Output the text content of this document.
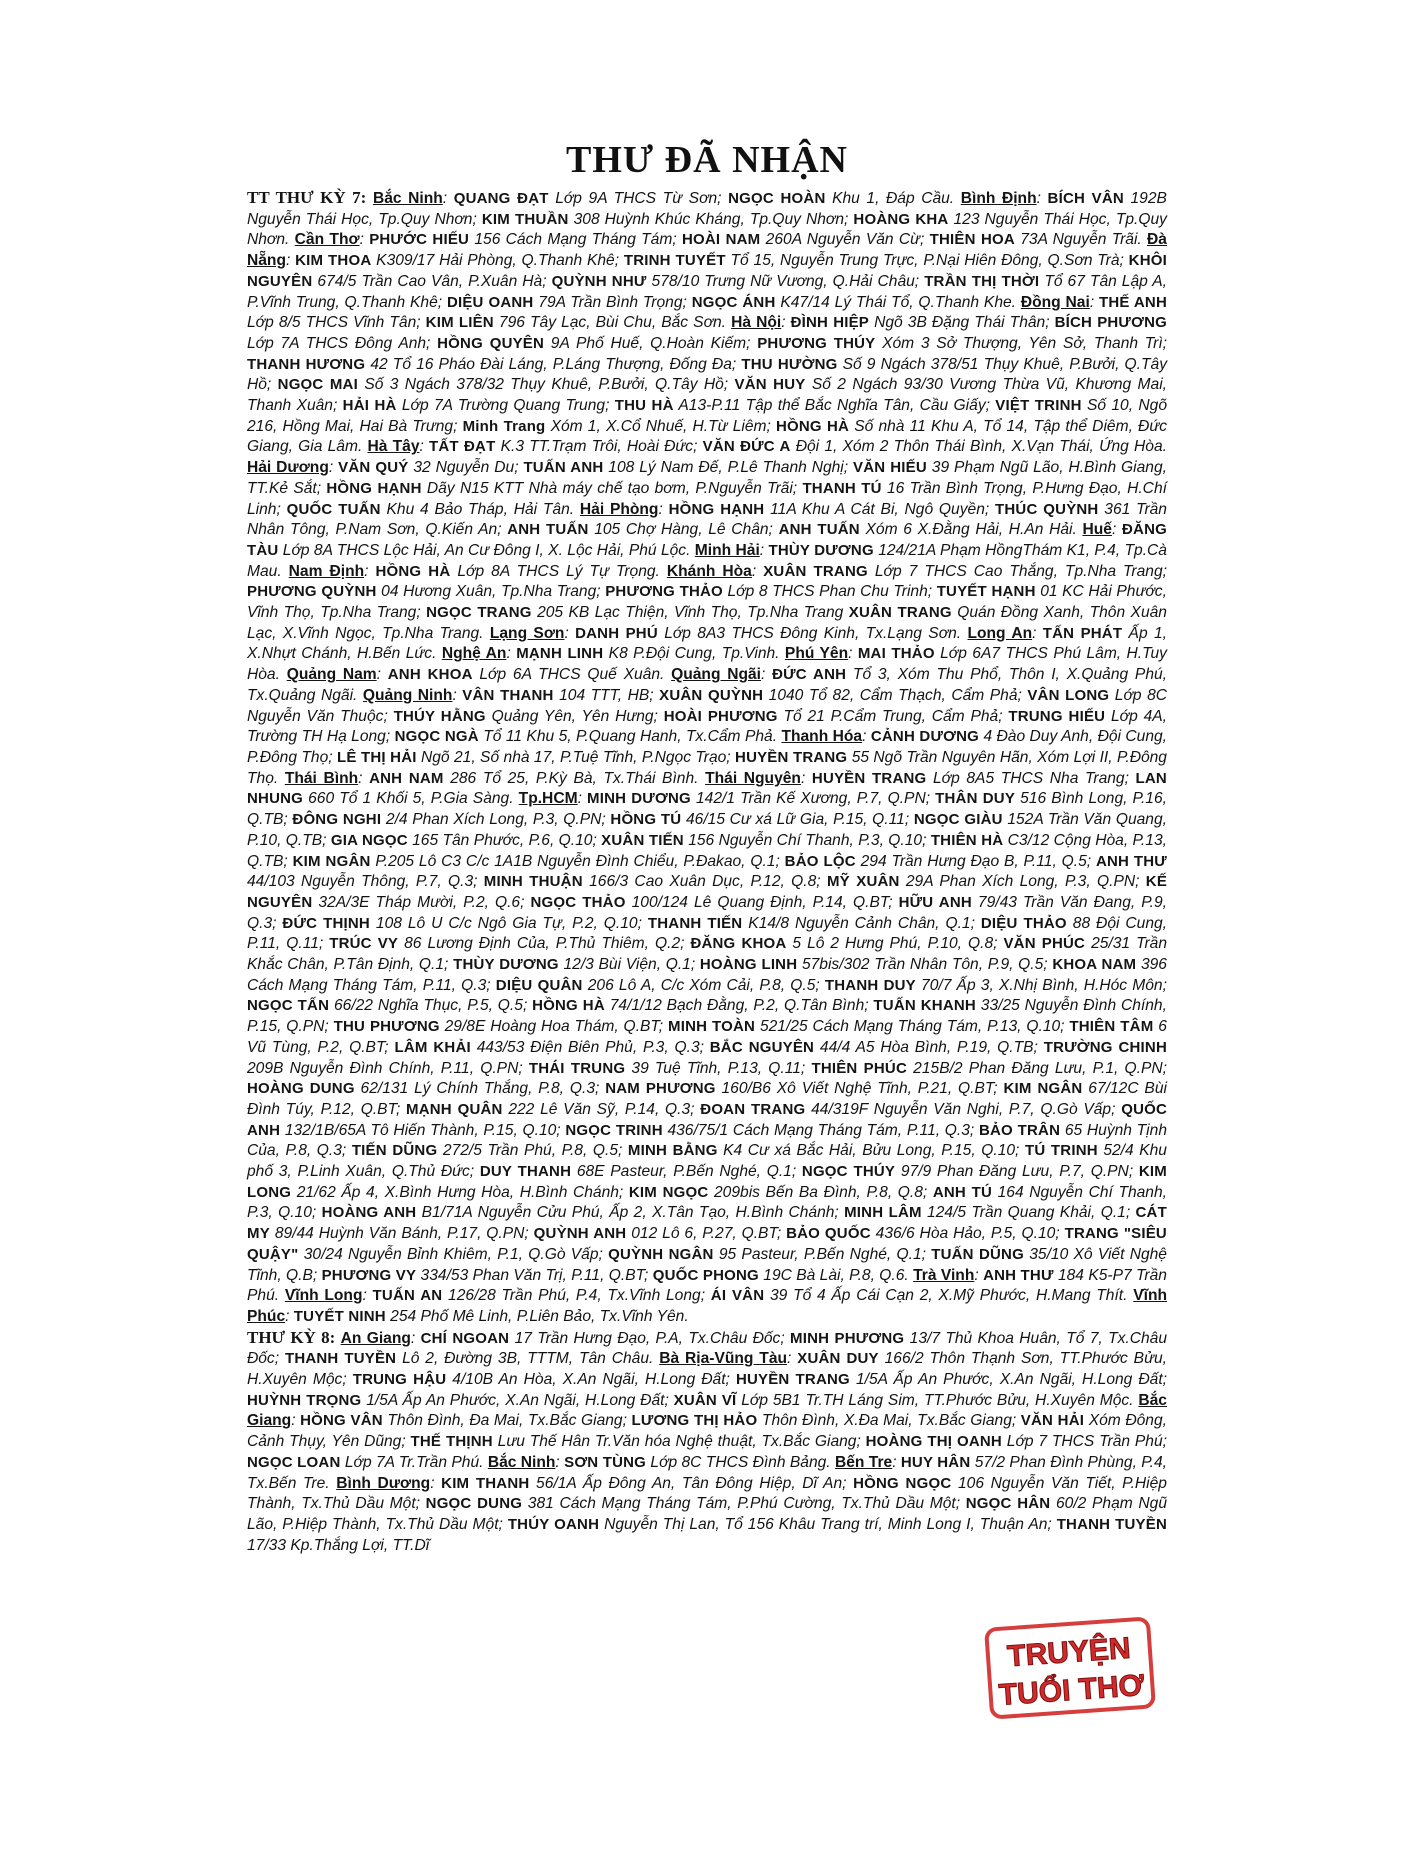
THƯ ĐÃ NHẬN

TT THƯ KỲ 7: Bắc Ninh: QUANG ĐẠT Lớp 9A THCS Từ Sơn; NGỌC HOÀN Khu 1, Đáp Cầu. Bình Định: BÍCH VÂN 192B Nguyễn Thái Học, Tp.Quy Nhơn; KIM THUẦN 308 Huỳnh Khúc Kháng, Tp.Quy Nhơn; HOÀNG KHA 123 Nguyễn Thái Học, Tp.Quy Nhơn. Cần Thơ: PHƯỚC HIẾU 156 Cách Mạng Tháng Tám; HOÀI NAM 260A Nguyễn Văn Cừ; THIÊN HOA 73A Nguyễn Trãi. Đà Nẵng: KIM THOA K309/17 Hải Phòng, Q.Thanh Khê; TRINH TUYẾT Tổ 15, Nguyễn Trung Trực, P.Nại Hiên Đông, Q.Sơn Trà; KHÔI NGUYÊN 674/5 Trần Cao Vân, P.Xuân Hà; QUỲNH NHƯ 578/10 Trưng Nữ Vương, Q.Hải Châu; TRẦN THỊ THỜI Tổ 67 Tân Lập A, P.Vĩnh Trung, Q.Thanh Khê; DIỆU OANH 79A Trần Bình Trọng; NGỌC ÁNH K47/14 Lý Thái Tổ, Q.Thanh Khe. Đồng Nai: THẾ ANH Lớp 8/5 THCS Vĩnh Tân; KIM LIÊN 796 Tây Lạc, Bùi Chu, Bắc Sơn. Hà Nội: ĐÌNH HIỆP Ngõ 3B Đặng Thái Thân; BÍCH PHƯƠNG Lớp 7A THCS Đông Anh; HỒNG QUYÊN 9A Phố Huế, Q.Hoàn Kiếm; PHƯƠNG THÚY Xóm 3 Sở Thượng, Yên Sở, Thanh Trì; THANH HƯƠNG 42 Tổ 16 Pháo Đài Láng, P.Láng Thượng, Đống Đa; THU HƯỜNG Số 9 Ngách 378/51 Thụy Khuê, P.Bưởi, Q.Tây Hồ; NGỌC MAI Số 3 Ngách 378/32 Thụy Khuê, P.Bưởi, Q.Tây Hồ; VĂN HUY Số 2 Ngách 93/30 Vương Thừa Vũ, Khương Mai, Thanh Xuân; HẢI HÀ Lớp 7A Trường Quang Trung; THU HÀ A13-P.11 Tập thể Bắc Nghĩa Tân, Cầu Giấy; VIỆT TRINH Số 10, Ngõ 216, Hồng Mai, Hai Bà Trưng; Minh Trang Xóm 1, X.Cổ Nhuế, H.Từ Liêm; HỒNG HÀ Số nhà 11 Khu A, Tổ 14, Tập thể Diêm, Đức Giang, Gia Lâm. Hà Tây: TẤT ĐẠT K.3 TT.Trạm Trôi, Hoài Đức; VĂN ĐỨC A Đội 1, Xóm 2 Thôn Thái Bình, X.Vạn Thái, Ứng Hòa. Hải Dương: VĂN QUÝ 32 Nguyễn Du; TUẤN ANH 108 Lý Nam Đế, P.Lê Thanh Nghị; VĂN HIẾU 39 Phạm Ngũ Lão, H.Bình Giang, TT.Kẻ Sắt; HỒNG HẠNH Dãy N15 KTT Nhà máy chế tạo bơm, P.Nguyễn Trãi; THANH TÚ 16 Trần Bình Trọng, P.Hưng Đạo, H.Chí Linh; QUỐC TUẤN Khu 4 Bảo Tháp, Hải Tân. Hải Phòng: HỒNG HẠNH 11A Khu A Cát Bi, Ngô Quyền; THÚC QUỲNH 361 Trần Nhân Tông, P.Nam Sơn, Q.Kiến An; ANH TUẤN 105 Chợ Hàng, Lê Chân; ANH TUẤN Xóm 6 X.Đằng Hải, H.An Hải. Huế: ĐĂNG TÀU Lớp 8A THCS Lộc Hải, An Cư Đông I, X. Lộc Hải, Phú Lộc. Minh Hải: THÙY DƯƠNG 124/21A Phạm HồngThám K1, P.4, Tp.Cà Mau. Nam Định: HỒNG HÀ Lớp 8A THCS Lý Tự Trọng. Khánh Hòa: XUÂN TRANG Lớp 7 THCS Cao Thắng, Tp.Nha Trang; PHƯƠNG QUỲNH 04 Hương Xuân, Tp.Nha Trang; PHƯƠNG THẢO Lớp 8 THCS Phan Chu Trinh; TUYẾT HẠNH 01 KC Hải Phước, Vĩnh Thọ, Tp.Nha Trang; NGỌC TRANG 205 KB Lạc Thiện, Vĩnh Thọ, Tp.Nha Trang XUÂN TRANG Quán Đồng Xanh, Thôn Xuân Lạc, X.Vĩnh Ngọc, Tp.Nha Trang. Lạng Sơn: DANH PHÚ Lớp 8A3 THCS Đông Kinh, Tx.Lạng Sơn. Long An: TẤN PHÁT Ấp 1, X.Nhựt Chánh, H.Bến Lức. Nghệ An: MẠNH LINH K8 P.Đội Cung, Tp.Vinh. Phú Yên: MAI THẢO Lớp 6A7 THCS Phú Lâm, H.Tuy Hòa. Quảng Nam: ANH KHOA Lớp 6A THCS Quế Xuân. Quảng Ngãi: ĐỨC ANH Tổ 3, Xóm Thu Phổ, Thôn I, X.Quảng Phú, Tx.Quảng Ngãi. Quảng Ninh: VÂN THANH 104 TTT, HB; XUÂN QUỲNH 1040 Tổ 82, Cẩm Thạch, Cẩm Phả; VÂN LONG Lớp 8C Nguyễn Văn Thuộc; THÚY HẰNG Quảng Yên, Yên Hưng; HOÀI PHƯƠNG Tổ 21 P.Cẩm Trung, Cẩm Phả; TRUNG HIẾU Lớp 4A, Trường TH Hạ Long; NGỌC NGÀ Tổ 11 Khu 5, P.Quang Hanh, Tx.Cẩm Phả. Thanh Hóa: CẢNH DƯƠNG 4 Đào Duy Anh, Đội Cung, P.Đông Thọ; LÊ THỊ HẢI Ngõ 21, Số nhà 17, P.Tuệ Tĩnh, P.Ngọc Trạo; HUYỀN TRANG 55 Ngõ Trần Nguyên Hãn, Xóm Lợi II, P.Đông Thọ. Thái Bình: ANH NAM 286 Tổ 25, P.Kỳ Bà, Tx.Thái Bình. Thái Nguyên: HUYỀN TRANG Lớp 8A5 THCS Nha Trang; LAN NHUNG 660 Tổ 1 Khối 5, P.Gia Sàng. Tp.HCM: MINH DƯƠNG 142/1 Trần Kế Xương, P.7, Q.PN; THÂN DUY 516 Bình Long, P.16, Q.TB; ĐÔNG NGHI 2/4 Phan Xích Long, P.3, Q.PN; HỒNG TÚ 46/15 Cư xá Lữ Gia, P.15, Q.11; NGỌC GIÀU 152A Trần Văn Quang, P.10, Q.TB; GIA NGỌC 165 Tân Phước, P.6, Q.10; XUÂN TIẾN 156 Nguyễn Chí Thanh, P.3, Q.10; THIÊN HÀ C3/12 Cộng Hòa, P.13, Q.TB; KIM NGÂN P.205 Lô C3 C/c 1A1B Nguyễn Đình Chiểu, P.Đakao, Q.1; BẢO LỘC 294 Trần Hưng Đạo B, P.11, Q.5; ANH THƯ 44/103 Nguyễn Thông, P.7, Q.3; MINH THUẬN 166/3 Cao Xuân Dục, P.12, Q.8; MỸ XUÂN 29A Phan Xích Long, P.3, Q.PN; KẾ NGUYÊN 32A/3E Tháp Mười, P.2, Q.6; NGỌC THẢO 100/124 Lê Quang Định, P.14, Q.BT; HỮU ANH 79/43 Trần Văn Đang, P.9, Q.3; ĐỨC THỊNH 108 Lô U C/c Ngô Gia Tự, P.2, Q.10; THANH TIẾN K14/8 Nguyễn Cảnh Chân, Q.1; DIỆU THẢO 88 Đội Cung, P.11, Q.11; TRÚC VY 86 Lương Định Của, P.Thủ Thiêm, Q.2; ĐĂNG KHOA 5 Lô 2 Hưng Phú, P.10, Q.8; VĂN PHÚC 25/31 Trần Khắc Chân, P.Tân Định, Q.1; THÙY DƯƠNG 12/3 Bùi Viện, Q.1; HOÀNG LINH 57bis/302 Trần Nhân Tôn, P.9, Q.5; KHOA NAM 396 Cách Mạng Tháng Tám, P.11, Q.3; DIỆU QUÂN 206 Lô A, C/c Xóm Cải, P.8, Q.5; THANH DUY 70/7 Ấp 3, X.Nhị Bình, H.Hóc Môn; NGỌC TẤN 66/22 Nghĩa Thục, P.5, Q.5; HỒNG HÀ 74/1/12 Bạch Đằng, P.2, Q.Tân Bình; TUẤN KHANH 33/25 Nguyễn Đình Chính, P.15, Q.PN; THU PHƯƠNG 29/8E Hoàng Hoa Thám, Q.BT; MINH TOÀN 521/25 Cách Mạng Tháng Tám, P.13, Q.10; THIÊN TÂM 6 Vũ Tùng, P.2, Q.BT; LÂM KHẢI 443/53 Điện Biên Phủ, P.3, Q.3; BẮC NGUYÊN 44/4 A5 Hòa Bình, P.19, Q.TB; TRƯỜNG CHINH 209B Nguyễn Đình Chính, P.11, Q.PN; THÁI TRUNG 39 Tuệ Tĩnh, P.13, Q.11; THIÊN PHÚC 215B/2 Phan Đăng Lưu, P.1, Q.PN; HOÀNG DUNG 62/131 Lý Chính Thắng, P.8, Q.3; NAM PHƯƠNG 160/B6 Xô Viết Nghệ Tĩnh, P.21, Q.BT; KIM NGÂN 67/12C Bùi Đình Túy, P.12, Q.BT; MẠNH QUÂN 222 Lê Văn Sỹ, P.14, Q.3; ĐOAN TRANG 44/319F Nguyễn Văn Nghi, P.7, Q.Gò Vấp; QUỐC ANH 132/1B/65A Tô Hiến Thành, P.15, Q.10; NGỌC TRINH 436/75/1 Cách Mạng Tháng Tám, P.11, Q.3; BẢO TRÂN 65 Huỳnh Tịnh Của, P.8, Q.3; TIẾN DŨNG 272/5 Trần Phú, P.8, Q.5; MINH BẰNG K4 Cư xá Bắc Hải, Bửu Long, P.15, Q.10; TÚ TRINH 52/4 Khu phố 3, P.Linh Xuân, Q.Thủ Đức; DUY THANH 68E Pasteur, P.Bến Nghé, Q.1; NGỌC THÚY 97/9 Phan Đăng Lưu, P.7, Q.PN; KIM LONG 21/62 Ấp 4, X.Bình Hưng Hòa, H.Bình Chánh; KIM NGỌC 209bis Bến Ba Đình, P.8, Q.8; ANH TÚ 164 Nguyễn Chí Thanh, P.3, Q.10; HOÀNG ANH B1/71A Nguyễn Cửu Phú, Ấp 2, X.Tân Tạo, H.Bình Chánh; MINH LÂM 124/5 Trần Quang Khải, Q.1; CÁT MY 89/44 Huỳnh Văn Bánh, P.17, Q.PN; QUỲNH ANH 012 Lô 6, P.27, Q.BT; BẢO QUỐC 436/6 Hòa Hảo, P.5, Q.10; TRANG "SIÊU QUẬY" 30/24 Nguyễn Bỉnh Khiêm, P.1, Q.Gò Vấp; QUỲNH NGÂN 95 Pasteur, P.Bến Nghé, Q.1; TUẤN DŨNG 35/10 Xô Viết Nghệ Tĩnh, Q.B; PHƯƠNG VY 334/53 Phan Văn Trị, P.11, Q.BT; QUỐC PHONG 19C Bà Lài, P.8, Q.6. Trà Vinh: ANH THƯ 184 K5-P7 Trần Phú. Vĩnh Long: TUẤN AN 126/28 Trần Phú, P.4, Tx.Vĩnh Long; ÁI VÂN 39 Tổ 4 Ấp Cái Cạn 2, X.Mỹ Phước, H.Mang Thít. Vĩnh Phúc: TUYẾT NINH 254 Phố Mê Linh, P.Liên Bảo, Tx.Vĩnh Yên.

THƯ KỲ 8: An Giang: CHÍ NGOAN 17 Trần Hưng Đạo, P.A, Tx.Châu Đốc; MINH PHƯƠNG 13/7 Thủ Khoa Huân, Tổ 7, Tx.Châu Đốc; THANH TUYỀN Lô 2, Đường 3B, TTTM, Tân Châu. Bà Rịa-Vũng Tàu: XUÂN DUY 166/2 Thôn Thạnh Sơn, TT.Phước Bửu, H.Xuyên Mộc; TRUNG HẬU 4/10B An Hòa, X.An Ngãi, H.Long Đất; HUYỀN TRANG 1/5A Ấp An Phước, X.An Ngãi, H.Long Đất; HUỲNH TRỌNG 1/5A Ấp An Phước, X.An Ngãi, H.Long Đất; XUÂN VĨ Lớp 5B1 Tr.TH Láng Sim, TT.Phước Bửu, H.Xuyên Mộc. Bắc Giang: HỒNG VÂN Thôn Đình, Đa Mai, Tx.Bắc Giang; LƯƠNG THỊ HẢO Thôn Đình, X.Đa Mai, Tx.Bắc Giang; VĂN HẢI Xóm Đông, Cảnh Thụy, Yên Dũng; THẾ THỊNH Lưu Thế Hân Tr.Văn hóa Nghệ thuật, Tx.Bắc Giang; HOÀNG THỊ OANH Lớp 7 THCS Trần Phú; NGỌC LOAN Lớp 7A Tr.Trần Phú. Bắc Ninh: SƠN TÙNG Lớp 8C THCS Đình Bảng. Bến Tre: HUY HÂN 57/2 Phan Đình Phùng, P.4, Tx.Bến Tre. Bình Dương: KIM THANH 56/1A Ấp Đông An, Tân Đông Hiệp, Dĩ An; HỒNG NGỌC 106 Nguyễn Văn Tiết, P.Hiệp Thành, Tx.Thủ Dầu Một; NGỌC DUNG 381 Cách Mạng Tháng Tám, P.Phú Cường, Tx.Thủ Dầu Một; NGỌC HÂN 60/2 Phạm Ngũ Lão, P.Hiệp Thành, Tx.Thủ Dầu Một; THÚY OANH Nguyễn Thị Lan, Tổ 156 Khâu Trang trí, Minh Long I, Thuận An; THANH TUYỀN 17/33 Kp.Thắng Lợi, TT.Dĩ

TRUYỆN
TUỔI THƠ
